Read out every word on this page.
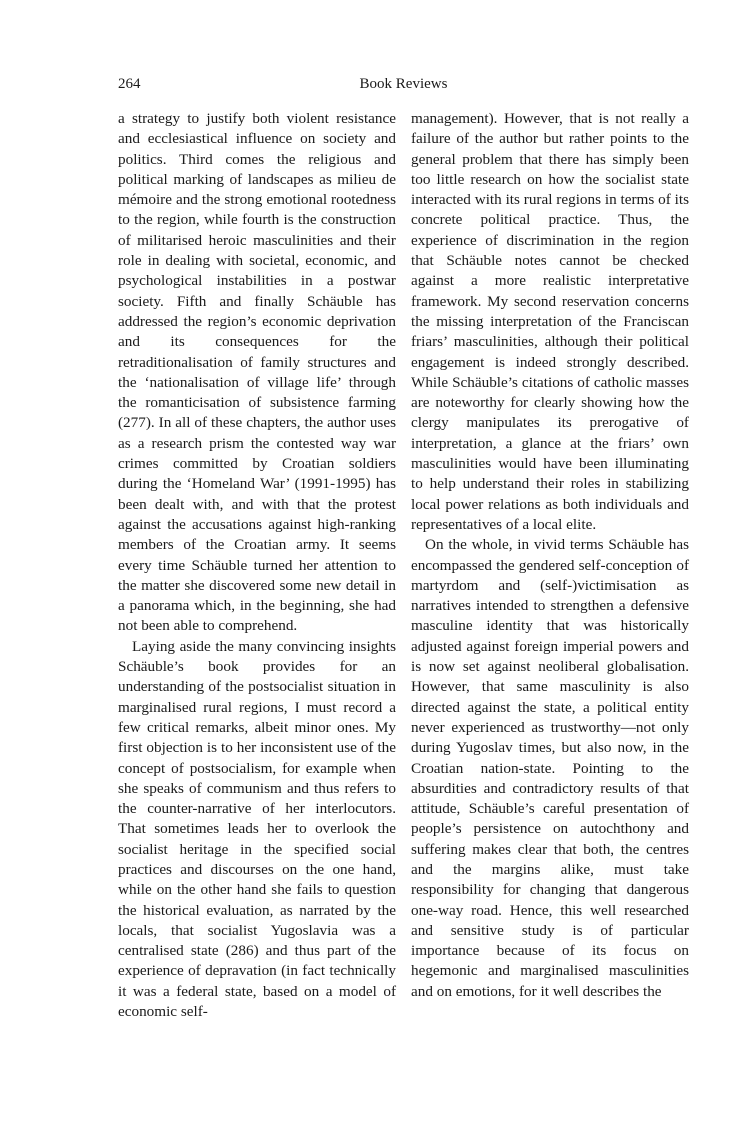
264	Book Reviews

a strategy to justify both violent resistance and ecclesiastical influence on society and politics. Third comes the religious and political marking of landscapes as milieu de mémoire and the strong emotional rootedness to the region, while fourth is the construction of militarised heroic masculinities and their role in dealing with societal, economic, and psychological instabilities in a postwar society. Fifth and finally Schäuble has addressed the region’s economic deprivation and its consequences for the retraditionalisation of family structures and the ‘nationalisation of village life’ through the romanticisation of subsistence farming (277). In all of these chapters, the author uses as a research prism the contested way war crimes committed by Croatian soldiers during the ‘Homeland War’ (1991-1995) has been dealt with, and with that the protest against the accusations against high-ranking members of the Croatian army. It seems every time Schäuble turned her attention to the matter she discovered some new detail in a panorama which, in the beginning, she had not been able to comprehend.

Laying aside the many convincing insights Schäuble’s book provides for an understanding of the postsocialist situation in marginalised rural regions, I must record a few critical remarks, albeit minor ones. My first objection is to her inconsistent use of the concept of postsocialism, for example when she speaks of communism and thus refers to the counter-narrative of her interlocutors. That sometimes leads her to overlook the socialist heritage in the specified social practices and discourses on the one hand, while on the other hand she fails to question the historical evaluation, as narrated by the locals, that socialist Yugoslavia was a centralised state (286) and thus part of the experience of depravation (in fact technically it was a federal state, based on a model of economic self-

management). However, that is not really a failure of the author but rather points to the general problem that there has simply been too little research on how the socialist state interacted with its rural regions in terms of its concrete political practice. Thus, the experience of discrimination in the region that Schäuble notes cannot be checked against a more realistic interpretative framework. My second reservation concerns the missing interpretation of the Franciscan friars’ masculinities, although their political engagement is indeed strongly described. While Schäuble’s citations of catholic masses are noteworthy for clearly showing how the clergy manipulates its prerogative of interpretation, a glance at the friars’ own masculinities would have been illuminating to help understand their roles in stabilizing local power relations as both individuals and representatives of a local elite.

On the whole, in vivid terms Schäuble has encompassed the gendered self-conception of martyrdom and (self-)victimisation as narratives intended to strengthen a defensive masculine identity that was historically adjusted against foreign imperial powers and is now set against neoliberal globalisation. However, that same masculinity is also directed against the state, a political entity never experienced as trustworthy—not only during Yugoslav times, but also now, in the Croatian nation-state. Pointing to the absurdities and contradictory results of that attitude, Schäuble’s careful presentation of people’s persistence on autochthony and suffering makes clear that both, the centres and the margins alike, must take responsibility for changing that dangerous one-way road. Hence, this well researched and sensitive study is of particular importance because of its focus on hegemonic and marginalised masculinities and on emotions, for it well describes the
